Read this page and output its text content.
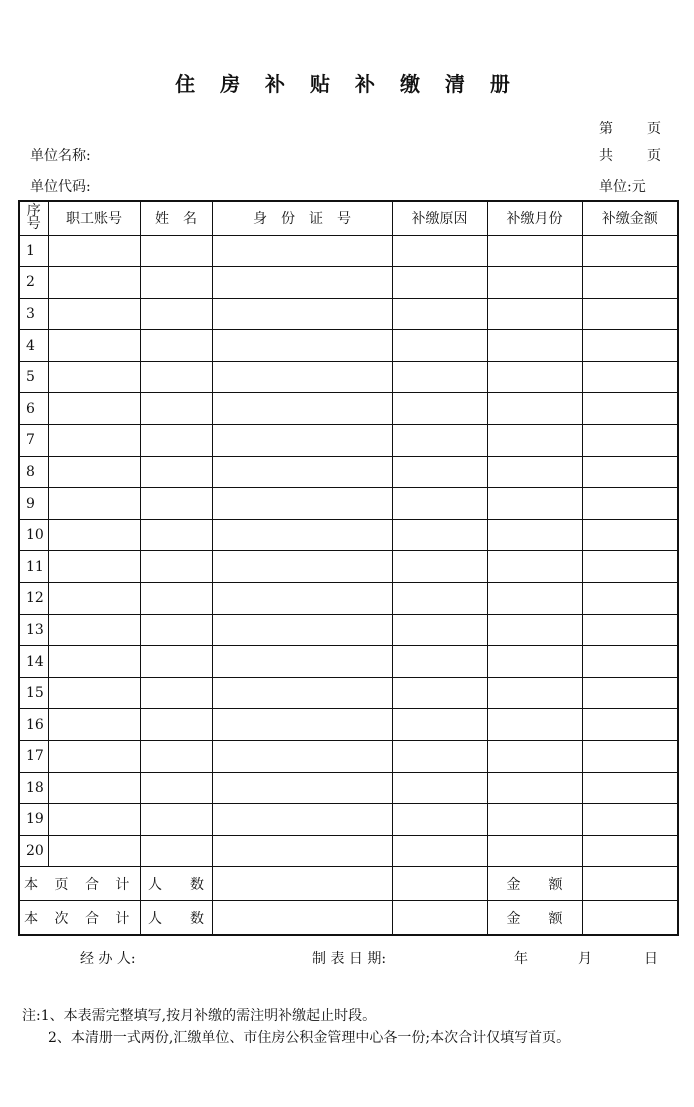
住 房 补 贴 补 缴 清 册
第 页
共 页
单位名称:
单位代码:	单位:元
序号	职工账号	姓　名	身　份　证　号	补缴原因	补缴月份	补缴金额
1						
2						
3						
4						
5						
6						
7						
8						
9						
10						
11						
12						
13						
14						
15						
16						
17						
18						
19						
20						
本 页 合 计		人 数			金 额	
本 次 合 计		人 数			金 额	
经 办 人:	制 表 日 期:	年	月	日
注:1、本表需完整填写,按月补缴的需注明补缴起止时段。
2、本清册一式两份,汇缴单位、市住房公积金管理中心各一份;本次合计仅填写首页。
